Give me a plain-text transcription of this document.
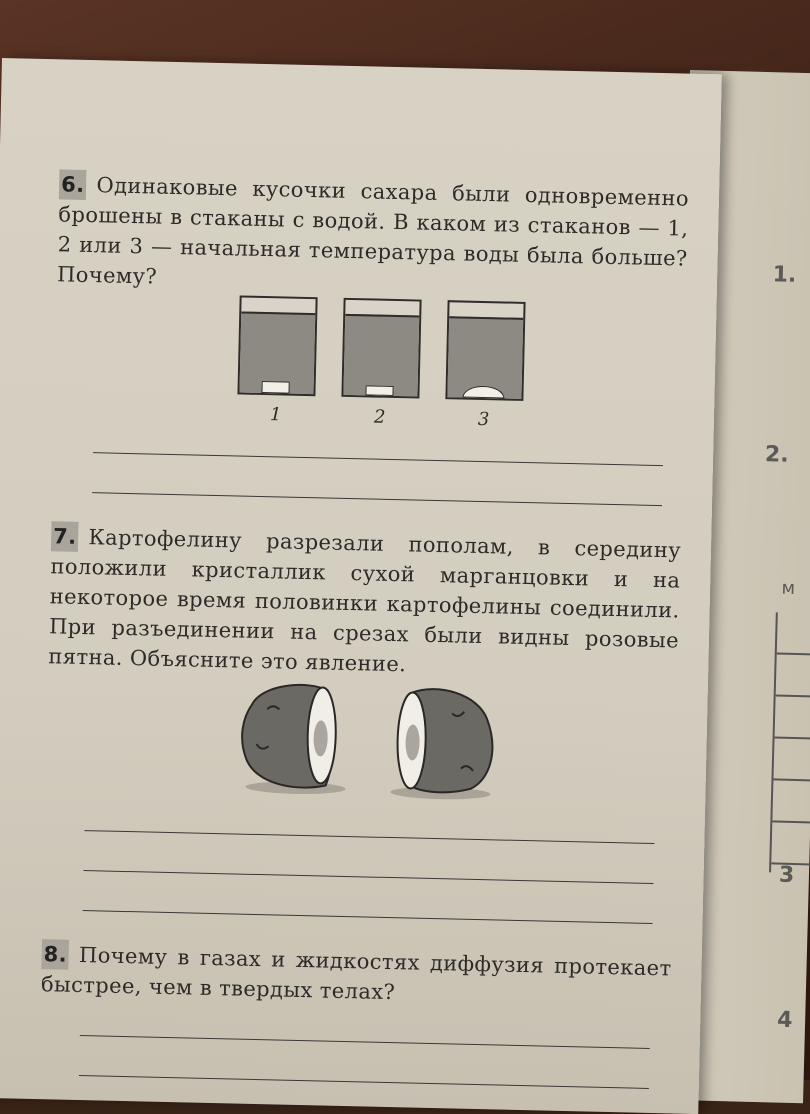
1.
2.
м
3
4
6. Одинаковые кусочки сахара были одновременно брошены в стаканы с водой. В каком из стаканов — 1, 2 или 3 — начальная температура воды была больше? Почему?
1	2	3
7. Картофелину разрезали пополам, в середину положили кристаллик сухой марганцовки и на некоторое время половинки картофелины соединили. При разъединении на срезах были видны розовые пятна. Объясните это явление.
8. Почему в газах и жидкостях диффузия протекает быстрее, чем в твердых телах?
